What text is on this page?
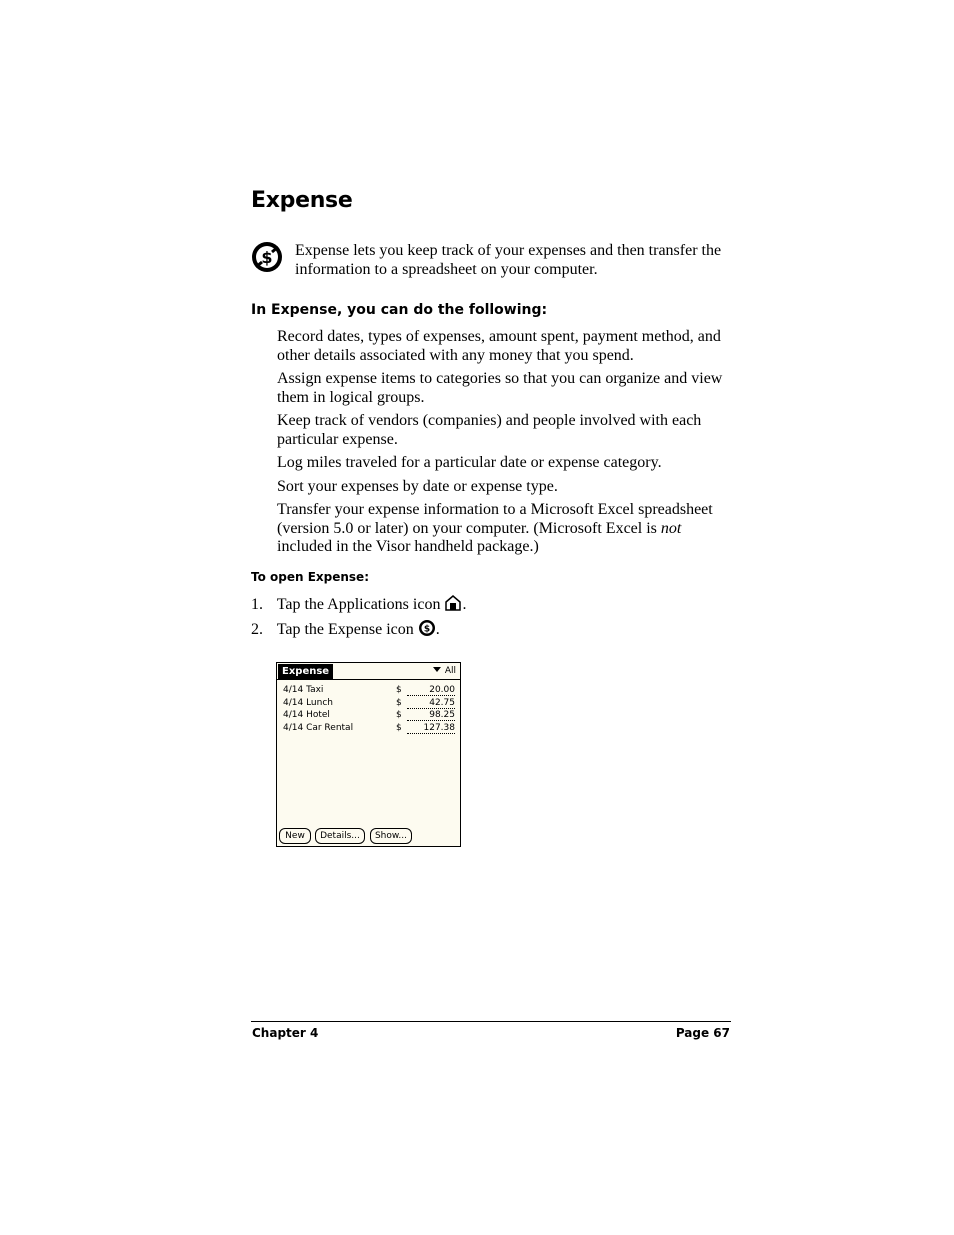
Expense
$ Expense lets you keep track of your expenses and then transfer the information to a spreadsheet on your computer.
In Expense, you can do the following:

Record dates, types of expenses, amount spent, payment method, and other details associated with any money that you spend.

Assign expense items to categories so that you can organize and view them in logical groups.

Keep track of vendors (companies) and people involved with each particular expense.

Log miles traveled for a particular date or expense category.

Sort your expenses by date or expense type.

Transfer your expense information to a Microsoft Excel spreadsheet (version 5.0 or later) on your computer. (Microsoft Excel is not included in the Visor handheld package.)

To open Expense:
1. Tap the Applications icon .
2. Tap the Expense icon $ .
Expense	All
4/14 Taxi	$	20.00
4/14 Lunch	$	42.75
4/14 Hotel	$	98.25
4/14 Car Rental	$	127.38
New	Details...	Show...
Chapter 4	Page 67
